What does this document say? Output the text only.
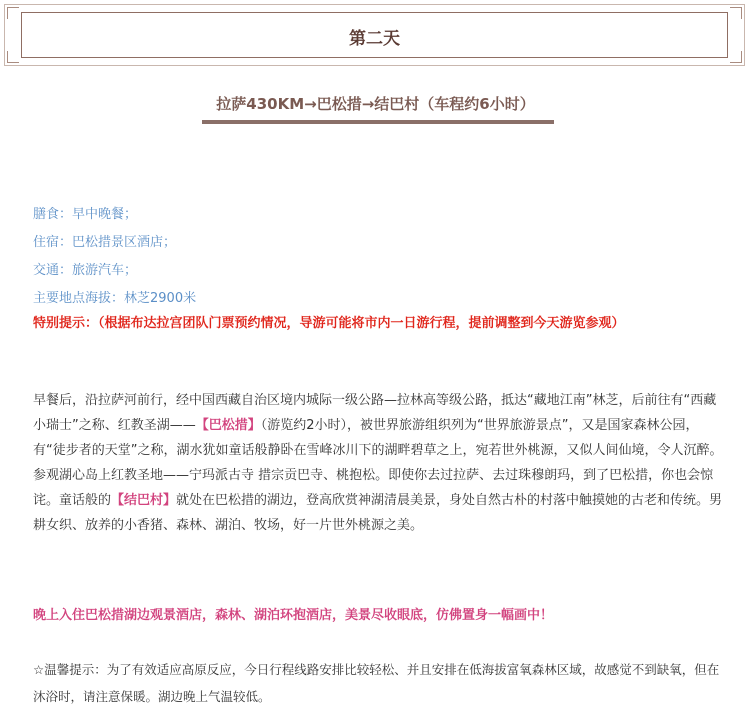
第二天
拉萨430KM→巴松措→结巴村（车程约6小时）
膳食：早中晚餐；
住宿：巴松措景区酒店；
交通：旅游汽车；
主要地点海拔：林芝2900米
特别提示：（根据布达拉宫团队门票预约情况，导游可能将市内一日游行程，提前调整到今天游览参观）
早餐后，沿拉萨河前行，经中国西藏自治区境内城际一级公路—拉林高等级公路，抵达“藏地江南”林芝，后前往有“西藏小瑞士”之称、红教圣湖——【巴松措】（游览约2小时），被世界旅游组织列为“世界旅游景点”，又是国家森林公园，有“徒步者的天堂”之称，湖水犹如童话般静卧在雪峰冰川下的湖畔碧草之上，宛若世外桃源，又似人间仙境，令人沉醉。参观湖心岛上红教圣地——宁玛派古寺 措宗贡巴寺、桃抱松。即使你去过拉萨、去过珠穆朗玛，到了巴松措，你也会惊诧。童话般的【结巴村】就处在巴松措的湖边，登高欣赏神湖清晨美景，身处自然古朴的村落中触摸她的古老和传统。男耕女织、放养的小香猪、森林、湖泊、牧场，好一片世外桃源之美。
晚上入住巴松措湖边观景酒店，森林、湖泊环抱酒店，美景尽收眼底，仿佛置身一幅画中！
☆温馨提示：为了有效适应高原反应，今日行程线路安排比较轻松、并且安排在低海拔富氧森林区域，故感觉不到缺氧，但在沐浴时，请注意保暖。湖边晚上气温较低。
